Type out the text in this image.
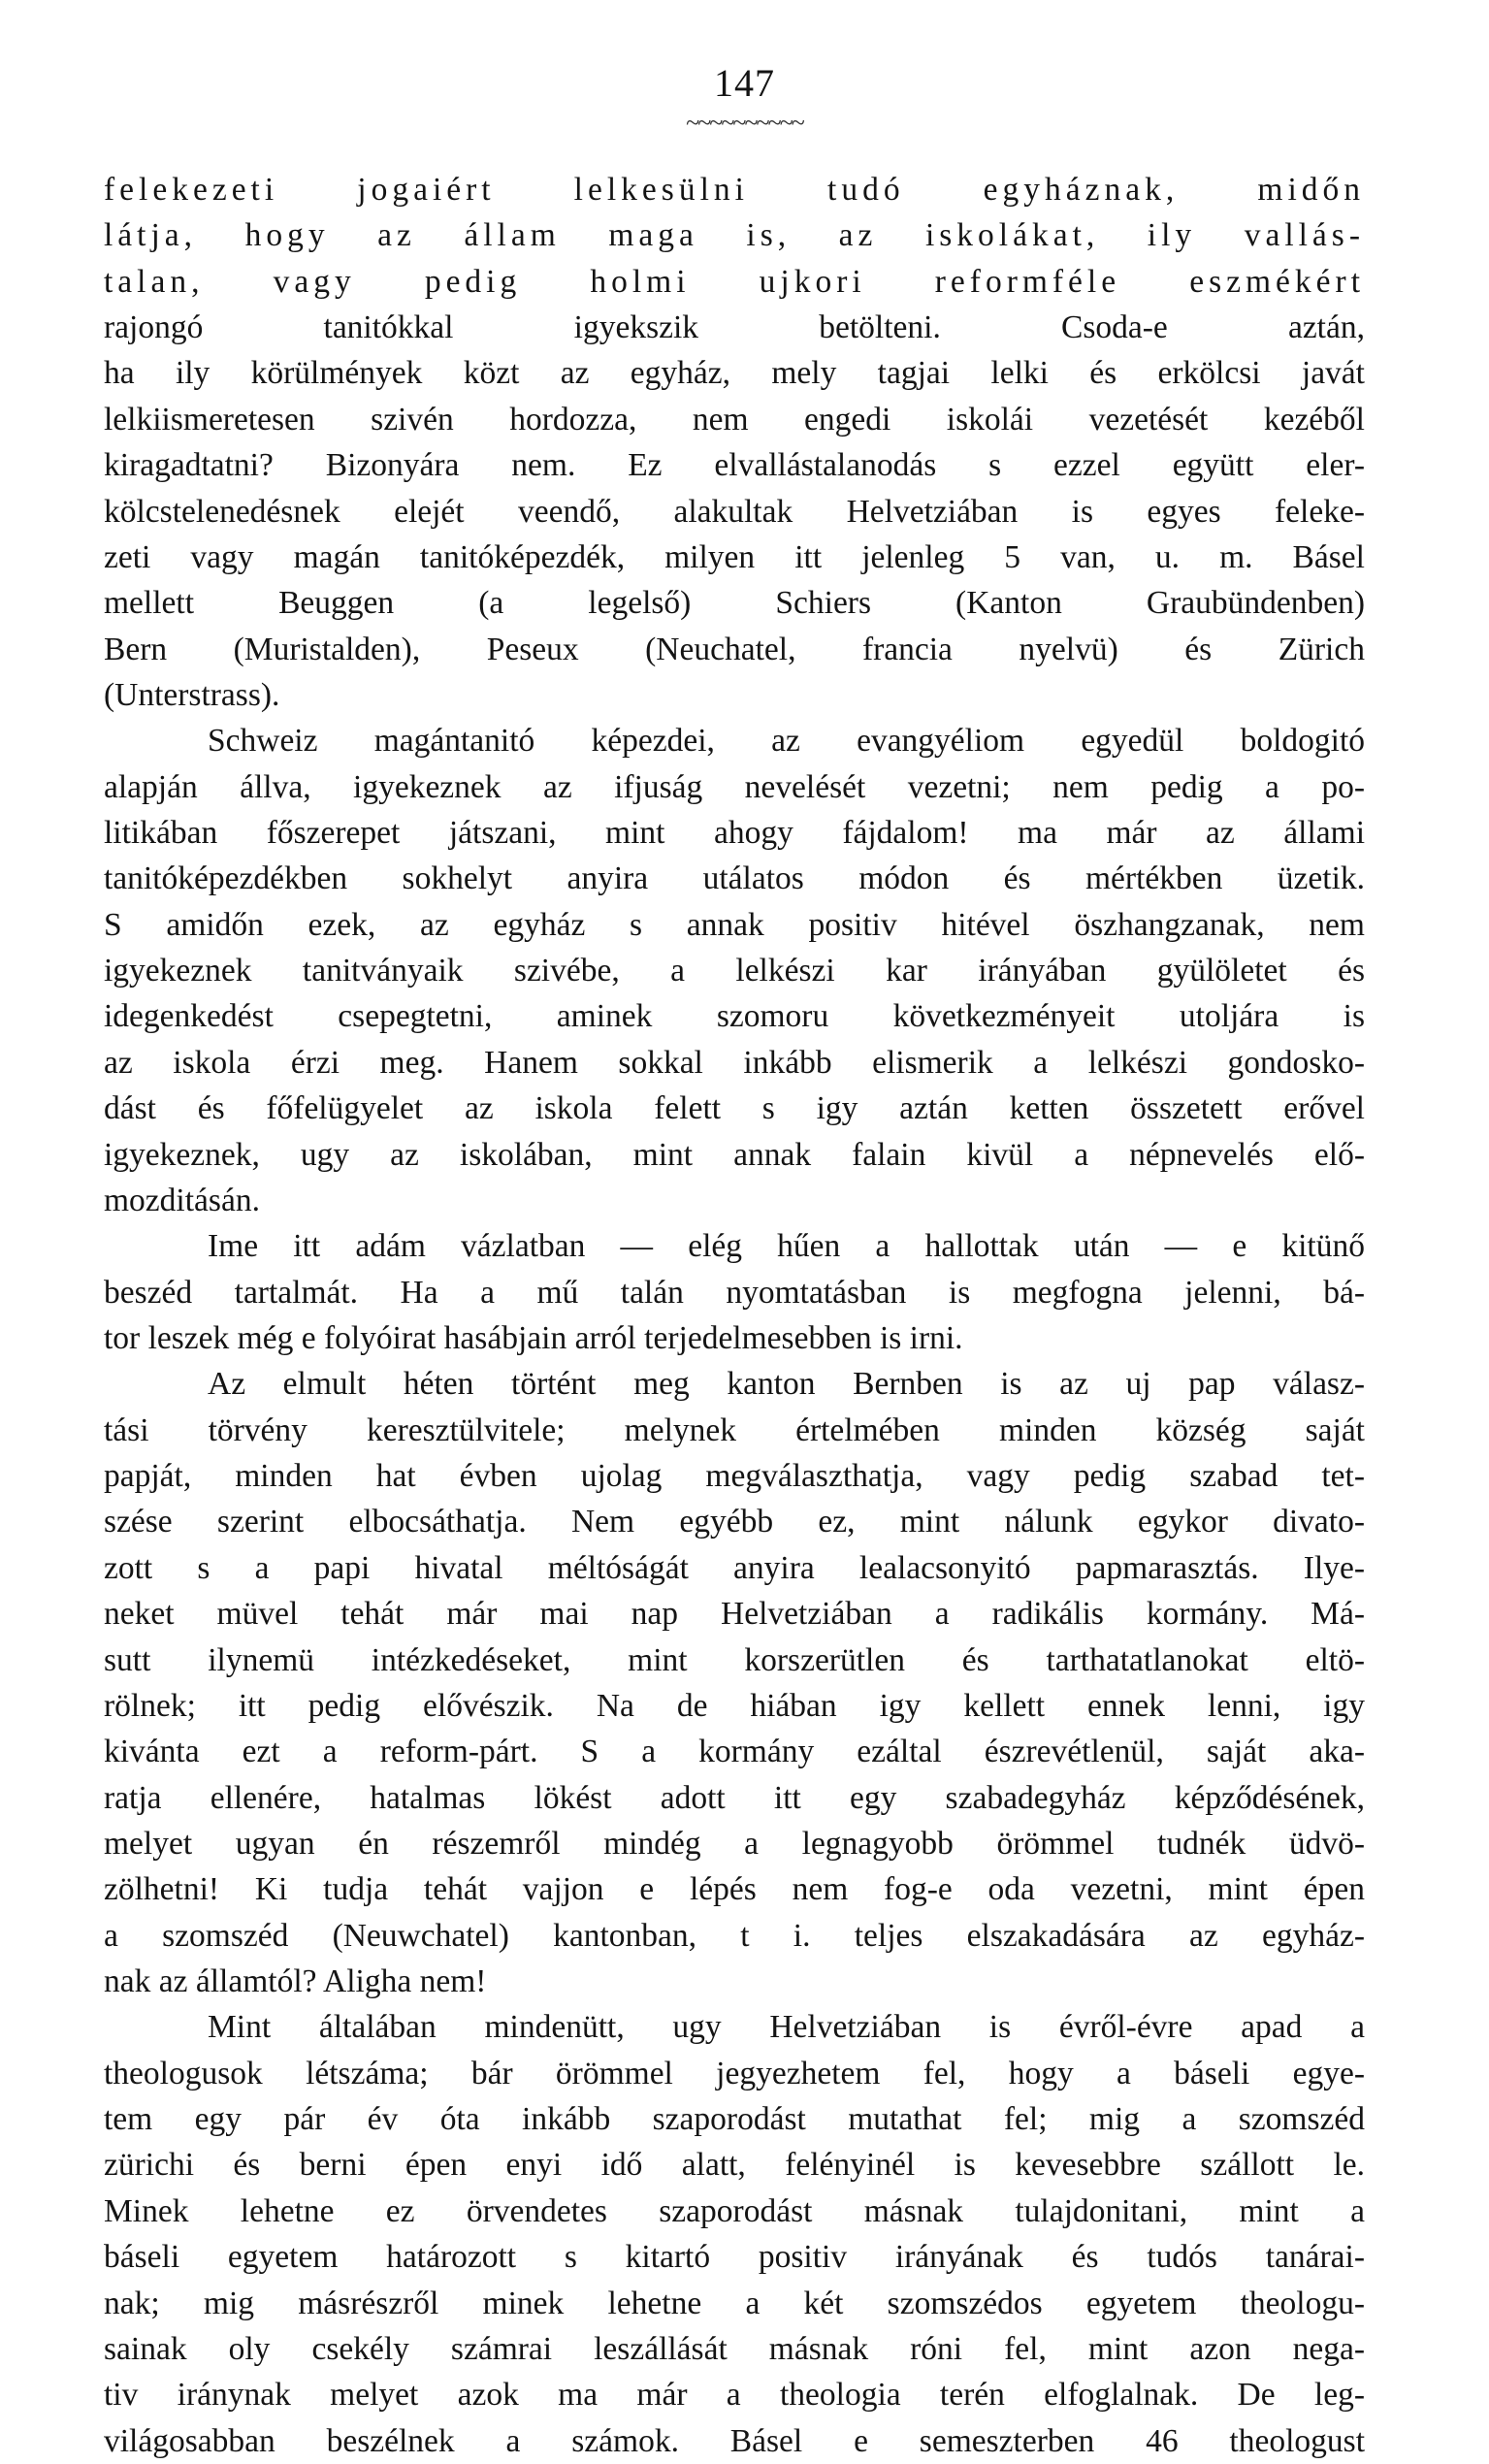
147
~~~~~~~~~~
felekezeti jogaiért lelkesülni tudó egyháznak, midőn
látja, hogy az állam maga is, az iskolákat, ily vallás-
talan, vagy pedig holmi ujkori reformféle eszmékért
rajongó tanitókkal igyekszik betölteni. Csoda-e aztán,
ha ily körülmények közt az egyház, mely tagjai lelki és erkölcsi javát
lelkiismeretesen szivén hordozza, nem engedi iskolái vezetését kezéből
kiragadtatni? Bizonyára nem. Ez elvallástalanodás s ezzel együtt eler-
kölcstelenedésnek elejét veendő, alakultak Helvetziában is egyes feleke-
zeti vagy magán tanitóképezdék, milyen itt jelenleg 5 van, u. m. Básel
mellett Beuggen (a legelső) Schiers (Kanton Graubündenben)
Bern (Muristalden), Peseux (Neuchatel, francia nyelvü) és Zürich
(Unterstrass).
Schweiz magántanitó képezdei, az evangyéliom egyedül boldogitó
alapján állva, igyekeznek az ifjuság nevelését vezetni; nem pedig a po-
litikában főszerepet játszani, mint ahogy fájdalom! ma már az állami
tanitóképezdékben sokhelyt anyira utálatos módon és mértékben üzetik.
S amidőn ezek, az egyház s annak positiv hitével öszhangzanak, nem
igyekeznek tanitványaik szivébe, a lelkészi kar irányában gyülöletet és
idegenkedést csepegtetni, aminek szomoru következményeit utoljára is
az iskola érzi meg. Hanem sokkal inkább elismerik a lelkészi gondosko-
dást és főfelügyelet az iskola felett s igy aztán ketten összetett erővel
igyekeznek, ugy az iskolában, mint annak falain kivül a népnevelés elő-
mozditásán.
Ime itt adám vázlatban — elég hűen a hallottak után — e kitünő
beszéd tartalmát. Ha a mű talán nyomtatásban is megfogna jelenni, bá-
tor leszek még e folyóirat hasábjain arról terjedelmesebben is irni.
Az elmult héten történt meg kanton Bernben is az uj pap válasz-
tási törvény keresztülvitele; melynek értelmében minden község saját
papját, minden hat évben ujolag megválaszthatja, vagy pedig szabad tet-
szése szerint elbocsáthatja. Nem egyébb ez, mint nálunk egykor divato-
zott s a papi hivatal méltóságát anyira lealacsonyitó papmarasztás. Ilye-
neket müvel tehát már mai nap Helvetziában a radikális kormány. Má-
sutt ilynemü intézkedéseket, mint korszerütlen és tarthatatlanokat eltö-
rölnek; itt pedig elővészik. Na de hiában igy kellett ennek lenni, igy
kivánta ezt a reform-párt. S a kormány ezáltal észrevétlenül, saját aka-
ratja ellenére, hatalmas lökést adott itt egy szabadegyház képződésének,
melyet ugyan én részemről mindég a legnagyobb örömmel tudnék üdvö-
zölhetni! Ki tudja tehát vajjon e lépés nem fog-e oda vezetni, mint épen
a szomszéd (Neuwchatel) kantonban, t i. teljes elszakadására az egyház-
nak az államtól? Aligha nem!
Mint általában mindenütt, ugy Helvetziában is évről-évre apad a
theologusok létszáma; bár örömmel jegyezhetem fel, hogy a báseli egye-
tem egy pár év óta inkább szaporodást mutathat fel; mig a szomszéd
zürichi és berni épen enyi idő alatt, felényinél is kevesebbre szállott le.
Minek lehetne ez örvendetes szaporodást másnak tulajdonitani, mint a
báseli egyetem határozott s kitartó positiv irányának és tudós tanárai-
nak; mig másrészről minek lehetne a két szomszédos egyetem theologu-
sainak oly csekély számrai leszállását másnak róni fel, mint azon nega-
tiv iránynak melyet azok ma már a theologia terén elfoglalnak. De leg-
világosabban beszélnek a számok. Básel e semeszterben 46 theologust
